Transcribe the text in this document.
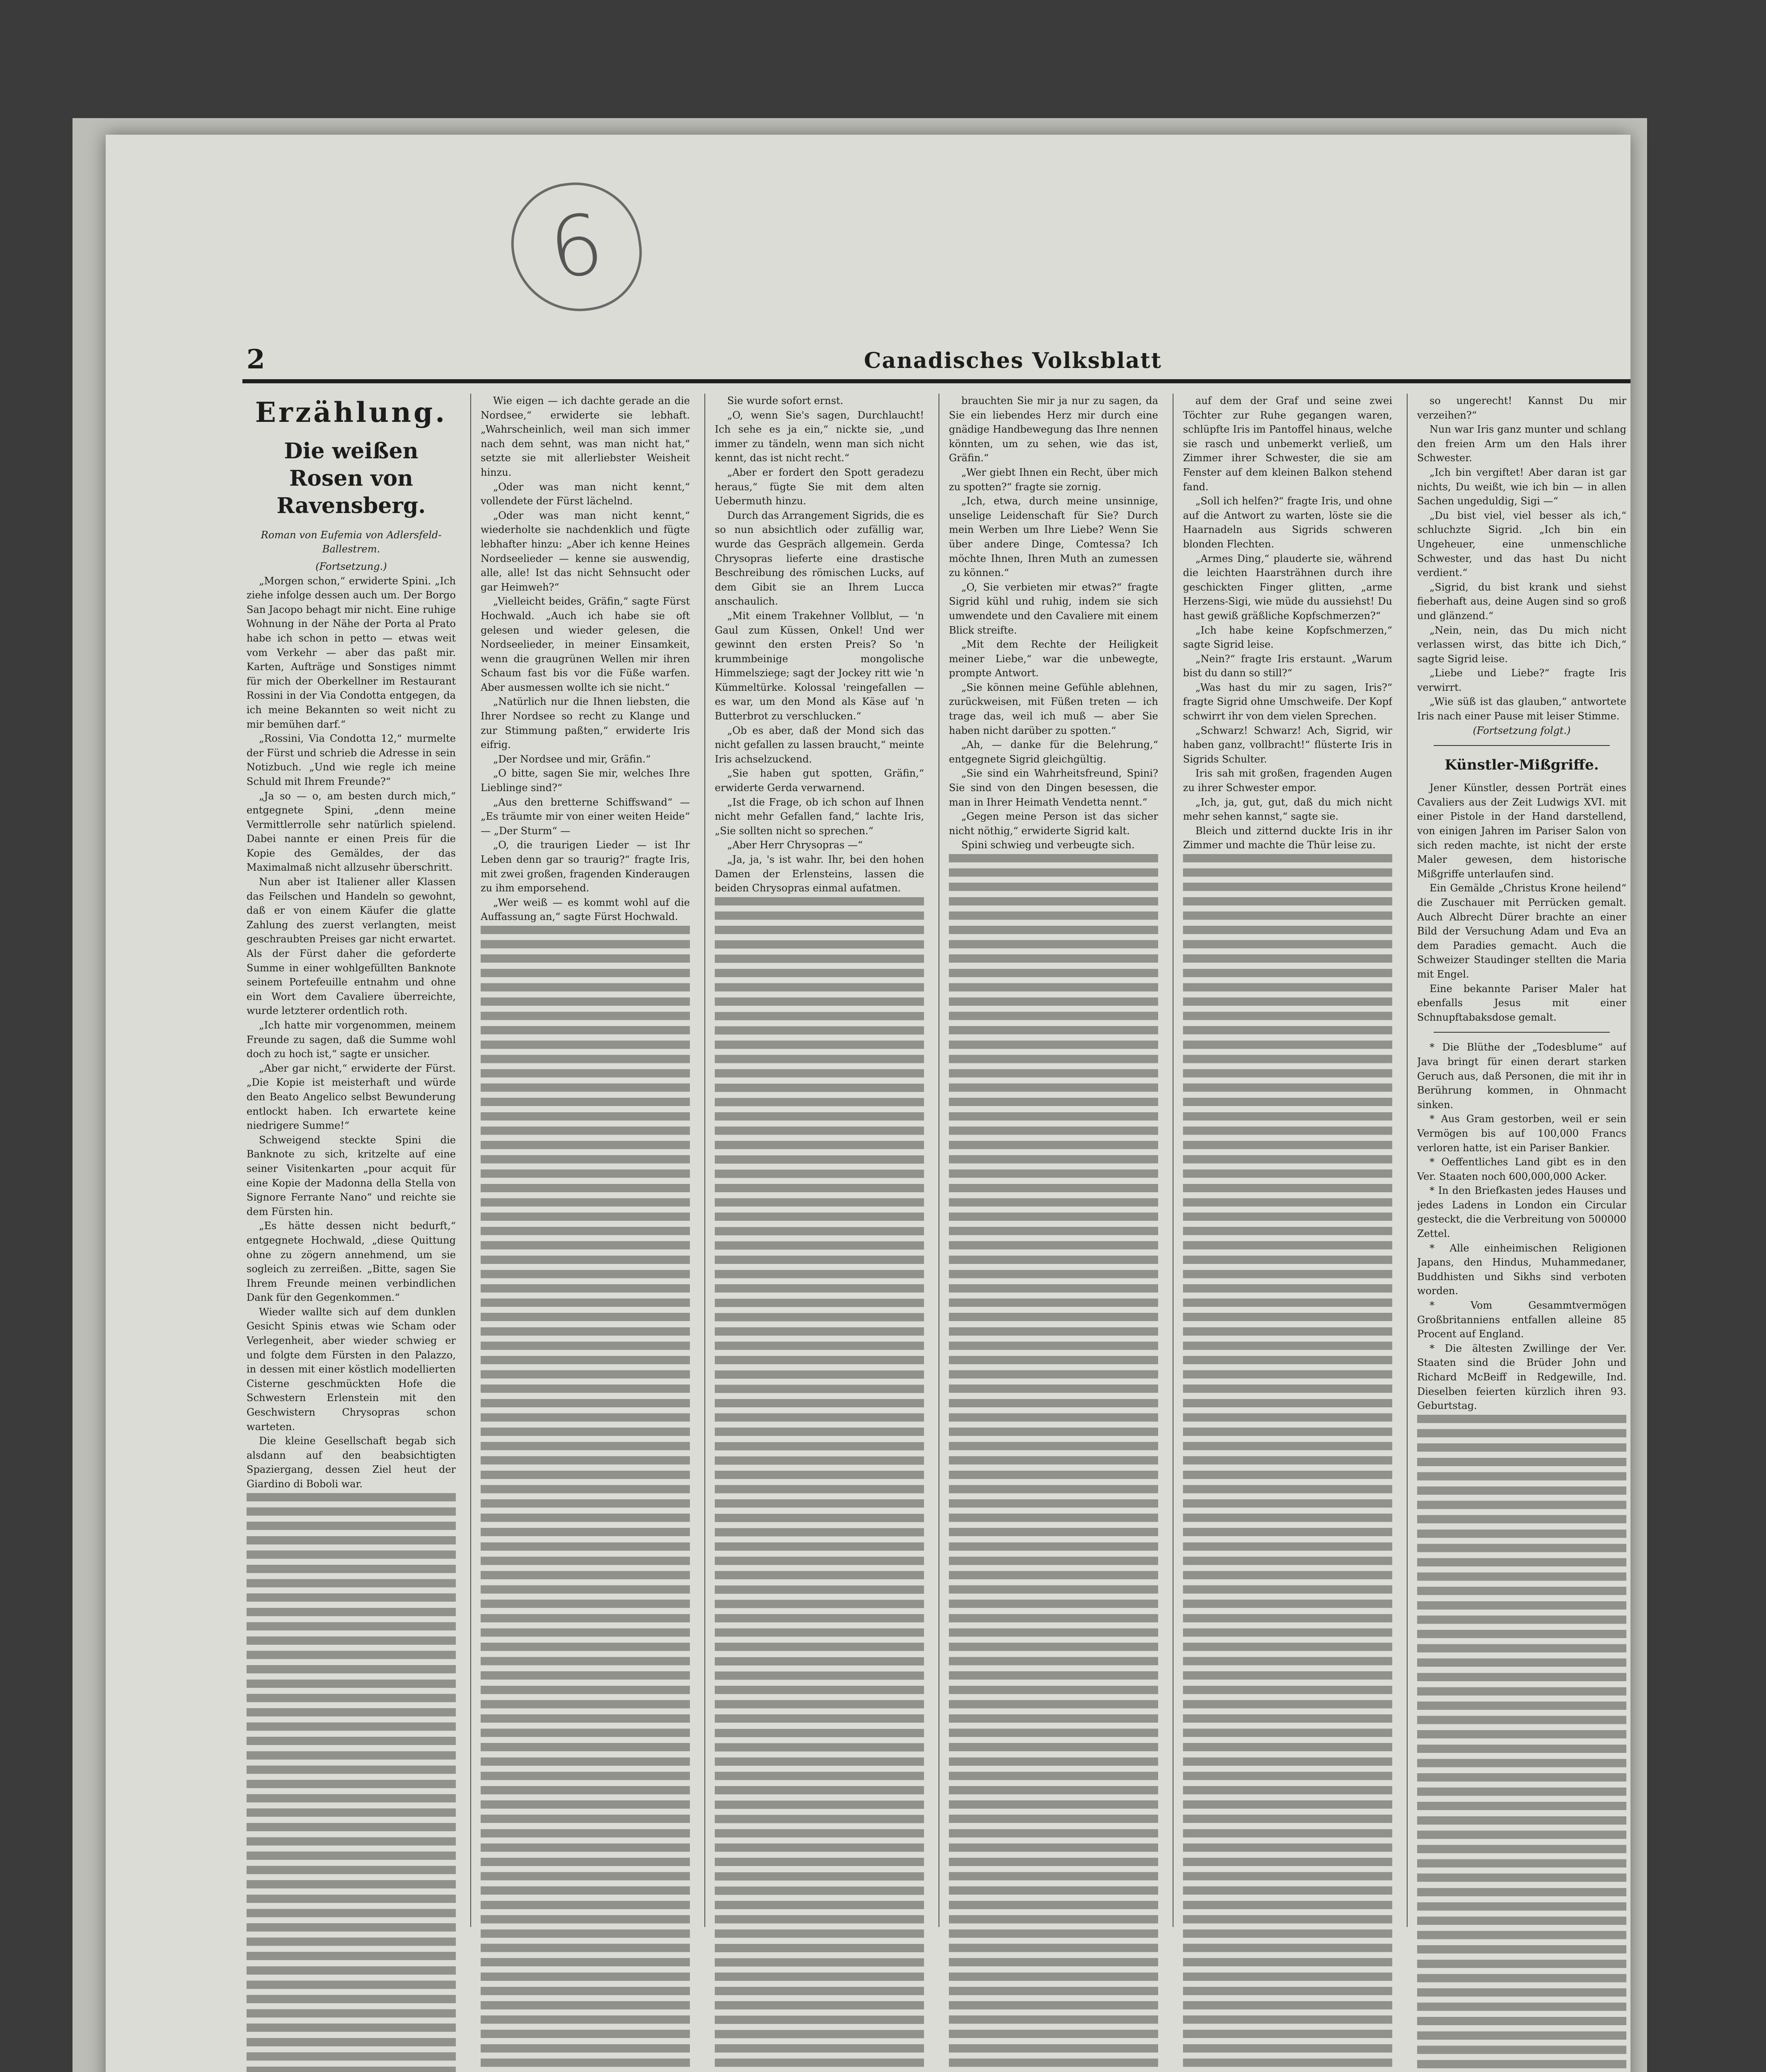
6
2	Canadisches Volksblatt
Erzählung.
Die weißen Rosen von Ravensberg.
Roman von Eufemia von Adlersfeld-Ballestrem.

(Fortsetzung.)

„Morgen schon,“ erwiderte Spini. „Ich ziehe infolge dessen auch um. Der Borgo San Jacopo behagt mir nicht. Eine ruhige Wohnung in der Nähe der Porta al Prato habe ich schon in petto — etwas weit vom Verkehr — aber das paßt mir. Karten, Aufträge und Sonstiges nimmt für mich der Oberkellner im Restaurant Rossini in der Via Condotta entgegen, da ich meine Bekannten so weit nicht zu mir bemühen darf.“

„Rossini, Via Condotta 12,“ murmelte der Fürst und schrieb die Adresse in sein Notizbuch. „Und wie regle ich meine Schuld mit Ihrem Freunde?“

„Ja so — o, am besten durch mich,“ entgegnete Spini, „denn meine Vermittlerrolle sehr natürlich spielend. Dabei nannte er einen Preis für die Kopie des Gemäldes, der das Maximalmaß nicht allzusehr überschritt.

Nun aber ist Italiener aller Klassen das Feilschen und Handeln so gewohnt, daß er von einem Käufer die glatte Zahlung des zuerst verlangten, meist geschraubten Preises gar nicht erwartet. Als der Fürst daher die geforderte Summe in einer wohlgefüllten Banknote seinem Portefeuille entnahm und ohne ein Wort dem Cavaliere überreichte, wurde letzterer ordentlich roth.

„Ich hatte mir vorgenommen, meinem Freunde zu sagen, daß die Summe wohl doch zu hoch ist,“ sagte er unsicher.

„Aber gar nicht,“ erwiderte der Fürst. „Die Kopie ist meisterhaft und würde den Beato Angelico selbst Bewunderung entlockt haben. Ich erwartete keine niedrigere Summe!“

Schweigend steckte Spini die Banknote zu sich, kritzelte auf eine seiner Visitenkarten „pour acquit für eine Kopie der Madonna della Stella von Signore Ferrante Nano“ und reichte sie dem Fürsten hin.

„Es hätte dessen nicht bedurft,“ entgegnete Hochwald, „diese Quittung ohne zu zögern annehmend, um sie sogleich zu zerreißen. „Bitte, sagen Sie Ihrem Freunde meinen verbindlichen Dank für den Gegenkommen.“

Wieder wallte sich auf dem dunklen Gesicht Spinis etwas wie Scham oder Verlegenheit, aber wieder schwieg er und folgte dem Fürsten in den Palazzo, in dessen mit einer köstlich modellierten Cisterne geschmückten Hofe die Schwestern Erlenstein mit den Geschwistern Chrysopras schon warteten.

Die kleine Gesellschaft begab sich alsdann auf den beabsichtigten Spaziergang, dessen Ziel heut der Giardino di Boboli war.

Wie eigen — ich dachte gerade an die Nordsee,“ erwiderte sie lebhaft. „Wahrscheinlich, weil man sich immer nach dem sehnt, was man nicht hat,“ setzte sie mit allerliebster Weisheit hinzu.

„Oder was man nicht kennt,“ vollendete der Fürst lächelnd.

„Oder was man nicht kennt,“ wiederholte sie nachdenklich und fügte lebhafter hinzu: „Aber ich kenne Heines Nordseelieder — kenne sie auswendig, alle, alle! Ist das nicht Sehnsucht oder gar Heimweh?“

„Vielleicht beides, Gräfin,“ sagte Fürst Hochwald. „Auch ich habe sie oft gelesen und wieder gelesen, die Nordseelieder, in meiner Einsamkeit, wenn die graugrünen Wellen mir ihren Schaum fast bis vor die Füße warfen. Aber ausmessen wollte ich sie nicht.“

„Natürlich nur die Ihnen liebsten, die Ihrer Nordsee so recht zu Klange und zur Stimmung paßten,“ erwiderte Iris eifrig.

„Der Nordsee und mir, Gräfin.“

„O bitte, sagen Sie mir, welches Ihre Lieblinge sind?“

„Aus den bretterne Schiffswand“ — „Es träumte mir von einer weiten Heide“ — „Der Sturm“ —

„O, die traurigen Lieder — ist Ihr Leben denn gar so traurig?“ fragte Iris, mit zwei großen, fragenden Kinderaugen zu ihm emporsehend.

„Wer weiß — es kommt wohl auf die Auffassung an,“ sagte Fürst Hochwald.

Sie wurde sofort ernst.

„O, wenn Sie's sagen, Durchlaucht! Ich sehe es ja ein,“ nickte sie, „und immer zu tändeln, wenn man sich nicht kennt, das ist nicht recht.“

„Aber er fordert den Spott geradezu heraus,“ fügte Sie mit dem alten Uebermuth hinzu.

Durch das Arrangement Sigrids, die es so nun absichtlich oder zufällig war, wurde das Gespräch allgemein. Gerda Chrysopras lieferte eine drastische Beschreibung des römischen Lucks, auf dem Gibit sie an Ihrem Lucca anschaulich.

„Mit einem Trakehner Vollblut, — 'n Gaul zum Küssen, Onkel! Und wer gewinnt den ersten Preis? So 'n krummbeinige mongolische Himmelsziege; sagt der Jockey ritt wie 'n Kümmeltürke. Kolossal 'reingefallen — es war, um den Mond als Käse auf 'n Butterbrot zu verschlucken.“

„Ob es aber, daß der Mond sich das nicht gefallen zu lassen braucht,“ meinte Iris achselzuckend.

„Sie haben gut spotten, Gräfin,“ erwiderte Gerda verwarnend.

„Ist die Frage, ob ich schon auf Ihnen nicht mehr Gefallen fand,“ lachte Iris, „Sie sollten nicht so sprechen.“

„Aber Herr Chrysopras —“

„Ja, ja, 's ist wahr. Ihr, bei den hohen Damen der Erlensteins, lassen die beiden Chrysopras einmal aufatmen.

brauchten Sie mir ja nur zu sagen, da Sie ein liebendes Herz mir durch eine gnädige Handbewegung das Ihre nennen könnten, um zu sehen, wie das ist, Gräfin.“

„Wer giebt Ihnen ein Recht, über mich zu spotten?“ fragte sie zornig.

„Ich, etwa, durch meine unsinnige, unselige Leidenschaft für Sie? Durch mein Werben um Ihre Liebe? Wenn Sie über andere Dinge, Comtessa? Ich möchte Ihnen, Ihren Muth an zumessen zu können.“

„O, Sie verbieten mir etwas?“ fragte Sigrid kühl und ruhig, indem sie sich umwendete und den Cavaliere mit einem Blick streifte.

„Mit dem Rechte der Heiligkeit meiner Liebe,“ war die unbewegte, prompte Antwort.

„Sie können meine Gefühle ablehnen, zurückweisen, mit Füßen treten — ich trage das, weil ich muß — aber Sie haben nicht darüber zu spotten.“

„Ah, — danke für die Belehrung,“ entgegnete Sigrid gleichgültig.

„Sie sind ein Wahrheitsfreund, Spini? Sie sind von den Dingen besessen, die man in Ihrer Heimath Vendetta nennt.“

„Gegen meine Person ist das sicher nicht nöthig,“ erwiderte Sigrid kalt.

Spini schwieg und verbeugte sich.

auf dem der Graf und seine zwei Töchter zur Ruhe gegangen waren, schlüpfte Iris im Pantoffel hinaus, welche sie rasch und unbemerkt verließ, um Zimmer ihrer Schwester, die sie am Fenster auf dem kleinen Balkon stehend fand.

„Soll ich helfen?“ fragte Iris, und ohne auf die Antwort zu warten, löste sie die Haarnadeln aus Sigrids schweren blonden Flechten.

„Armes Ding,“ plauderte sie, während die leichten Haarsträhnen durch ihre geschickten Finger glitten, „arme Herzens-Sigi, wie müde du aussiehst! Du hast gewiß gräßliche Kopfschmerzen?“

„Ich habe keine Kopfschmerzen,“ sagte Sigrid leise.

„Nein?“ fragte Iris erstaunt. „Warum bist du dann so still?“

„Was hast du mir zu sagen, Iris?“ fragte Sigrid ohne Umschweife. Der Kopf schwirrt ihr von dem vielen Sprechen.

„Schwarz! Schwarz! Ach, Sigrid, wir haben ganz, vollbracht!“ flüsterte Iris in Sigrids Schulter.

Iris sah mit großen, fragenden Augen zu ihrer Schwester empor.

„Ich, ja, gut, gut, daß du mich nicht mehr sehen kannst,“ sagte sie.

Bleich und zitternd duckte Iris in ihr Zimmer und machte die Thür leise zu.

so ungerecht! Kannst Du mir verzeihen?“

Nun war Iris ganz munter und schlang den freien Arm um den Hals ihrer Schwester.

„Ich bin vergiftet! Aber daran ist gar nichts, Du weißt, wie ich bin — in allen Sachen ungeduldig, Sigi —“

„Du bist viel, viel besser als ich,“ schluchzte Sigrid. „Ich bin ein Ungeheuer, eine unmenschliche Schwester, und das hast Du nicht verdient.“

„Sigrid, du bist krank und siehst fieberhaft aus, deine Augen sind so groß und glänzend.“

„Nein, nein, das Du mich nicht verlassen wirst, das bitte ich Dich,“ sagte Sigrid leise.

„Liebe und Liebe?“ fragte Iris verwirrt.

„Wie süß ist das glauben,“ antwortete Iris nach einer Pause mit leiser Stimme.

(Fortsetzung folgt.)

Künstler-Mißgriffe.

Jener Künstler, dessen Porträt eines Cavaliers aus der Zeit Ludwigs XVI. mit einer Pistole in der Hand darstellend, von einigen Jahren im Pariser Salon von sich reden machte, ist nicht der erste Maler gewesen, dem historische Mißgriffe unterlaufen sind.

Ein Gemälde „Christus Krone heilend“ die Zuschauer mit Perrücken gemalt. Auch Albrecht Dürer brachte an einer Bild der Versuchung Adam und Eva an dem Paradies gemacht. Auch die Schweizer Staudinger stellten die Maria mit Engel.

Eine bekannte Pariser Maler hat ebenfalls Jesus mit einer Schnupftabaksdose gemalt.

* Die Blüthe der „Todesblume“ auf Java bringt für einen derart starken Geruch aus, daß Personen, die mit ihr in Berührung kommen, in Ohnmacht sinken.

* Aus Gram gestorben, weil er sein Vermögen bis auf 100,000 Francs verloren hatte, ist ein Pariser Bankier.

* Oeffentliches Land gibt es in den Ver. Staaten noch 600,000,000 Acker.

* In den Briefkasten jedes Hauses und jedes Ladens in London ein Circular gesteckt, die die Verbreitung von 500000 Zettel.

* Alle einheimischen Religionen Japans, den Hindus, Muhammedaner, Buddhisten und Sikhs sind verboten worden.

* Vom Gesammtvermögen Großbritanniens entfallen alleine 85 Procent auf England.

* Die ältesten Zwillinge der Ver. Staaten sind die Brüder John und Richard McBeiff in Redgewille, Ind. Dieselben feierten kürzlich ihren 93. Geburtstag.
